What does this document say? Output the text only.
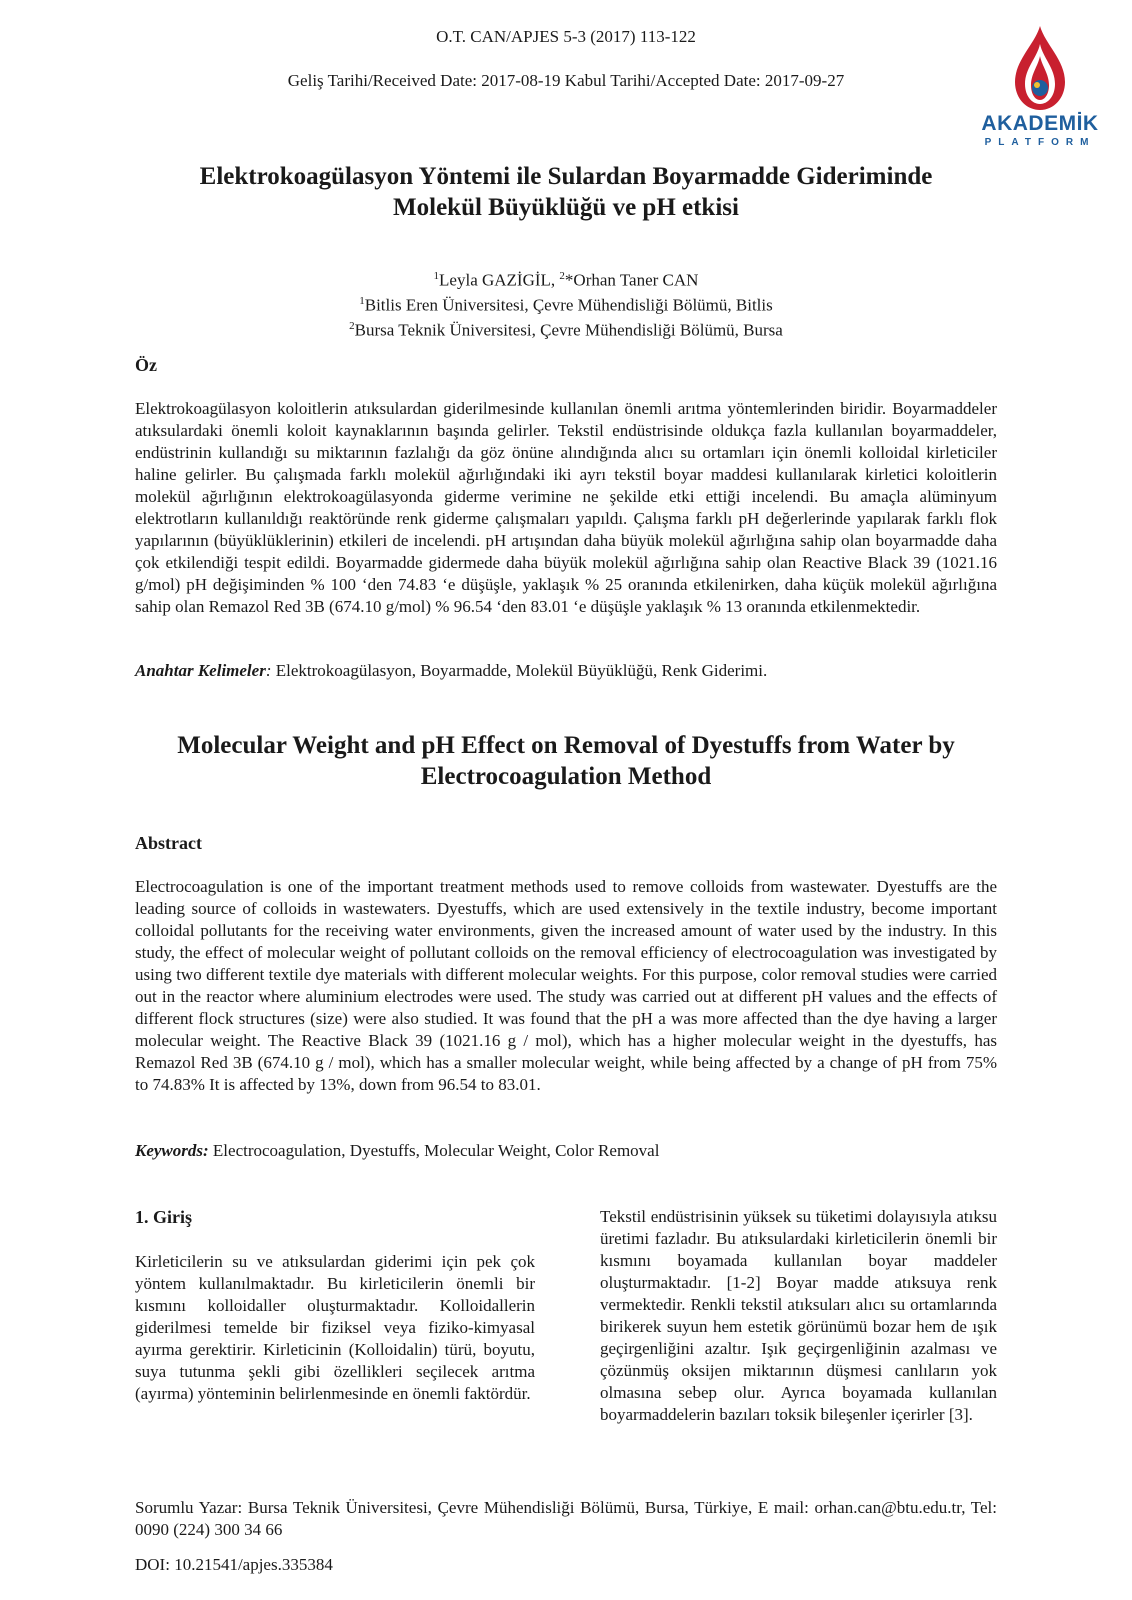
O.T. CAN/APJES 5-3 (2017) 113-122
Geliş Tarihi/Received Date: 2017-08-19 Kabul Tarihi/Accepted Date: 2017-09-27
AKADEMİK
PLATFORM
Elektrokoagülasyon Yöntemi ile Sulardan Boyarmadde Gideriminde
Molekül Büyüklüğü ve pH etkisi
$^1$Leyla GAZİGİL, $^2$*Orhan Taner CAN
$^1$Bitlis Eren Üniversitesi, Çevre Mühendisliği Bölümü, Bitlis
$^2$Bursa Teknik Üniversitesi, Çevre Mühendisliği Bölümü, Bursa
Öz
Elektrokoagülasyon koloitlerin atıksulardan giderilmesinde kullanılan önemli arıtma yöntemlerinden biridir. Boyarmaddeler atıksulardaki önemli koloit kaynaklarının başında gelirler. Tekstil endüstrisinde oldukça fazla kullanılan boyarmaddeler, endüstrinin kullandığı su miktarının fazlalığı da göz önüne alındığında alıcı su ortamları için önemli kolloidal kirleticiler haline gelirler. Bu çalışmada farklı molekül ağırlığındaki iki ayrı tekstil boyar maddesi kullanılarak kirletici koloitlerin molekül ağırlığının elektrokoagülasyonda giderme verimine ne şekilde etki ettiği incelendi. Bu amaçla alüminyum elektrotların kullanıldığı reaktöründe renk giderme çalışmaları yapıldı. Çalışma farklı pH değerlerinde yapılarak farklı flok yapılarının (büyüklüklerinin) etkileri de incelendi. pH artışından daha büyük molekül ağırlığına sahip olan boyarmadde daha çok etkilendiği tespit edildi. Boyarmadde gidermede daha büyük molekül ağırlığına sahip olan Reactive Black 39 (1021.16 g/mol) pH değişiminden % 100 ‘den 74.83 ‘e düşüşle, yaklaşık % 25 oranında etkilenirken, daha küçük molekül ağırlığına sahip olan Remazol Red 3B (674.10 g/mol) % 96.54 ‘den 83.01 ‘e düşüşle yaklaşık % 13 oranında etkilenmektedir.
Anahtar Kelimeler: Elektrokoagülasyon, Boyarmadde, Molekül Büyüklüğü, Renk Giderimi.
Molecular Weight and pH Effect on Removal of Dyestuffs from Water by
Electrocoagulation Method
Abstract
Electrocoagulation is one of the important treatment methods used to remove colloids from wastewater. Dyestuffs are the leading source of colloids in wastewaters. Dyestuffs, which are used extensively in the textile industry, become important colloidal pollutants for the receiving water environments, given the increased amount of water used by the industry. In this study, the effect of molecular weight of pollutant colloids on the removal efficiency of electrocoagulation was investigated by using two different textile dye materials with different molecular weights. For this purpose, color removal studies were carried out in the reactor where aluminium electrodes were used. The study was carried out at different pH values and the effects of different flock structures (size) were also studied. It was found that the pH a was more affected than the dye having a larger molecular weight. The Reactive Black 39 (1021.16 g / mol), which has a higher molecular weight in the dyestuffs, has Remazol Red 3B (674.10 g / mol), which has a smaller molecular weight, while being affected by a change of pH from 75% to 74.83% It is affected by 13%, down from 96.54 to 83.01.
Keywords: Electrocoagulation, Dyestuffs, Molecular Weight, Color Removal
1. Giriş
Kirleticilerin su ve atıksulardan giderimi için pek çok yöntem kullanılmaktadır. Bu kirleticilerin önemli bir kısmını kolloidaller oluşturmaktadır. Kolloidallerin giderilmesi temelde bir fiziksel veya fiziko-kimyasal ayırma gerektirir. Kirleticinin (Kolloidalin) türü, boyutu, suya tutunma şekli gibi özellikleri seçilecek arıtma (ayırma) yönteminin belirlenmesinde en önemli faktördür.
Tekstil endüstrisinin yüksek su tüketimi dolayısıyla atıksu üretimi fazladır. Bu atıksulardaki kirleticilerin önemli bir kısmını boyamada kullanılan boyar maddeler oluşturmaktadır. [1-2] Boyar madde atıksuya renk vermektedir. Renkli tekstil atıksuları alıcı su ortamlarında birikerek suyun hem estetik görünümü bozar hem de ışık geçirgenliğini azaltır. Işık geçirgenliğinin azalması ve çözünmüş oksijen miktarının düşmesi canlıların yok olmasına sebep olur. Ayrıca boyamada kullanılan boyarmaddelerin bazıları toksik bileşenler içerirler [3].
Sorumlu Yazar: Bursa Teknik Üniversitesi, Çevre Mühendisliği Bölümü, Bursa, Türkiye, E mail: orhan.can@btu.edu.tr, Tel: 0090 (224) 300 34 66
DOI: 10.21541/apjes.335384
